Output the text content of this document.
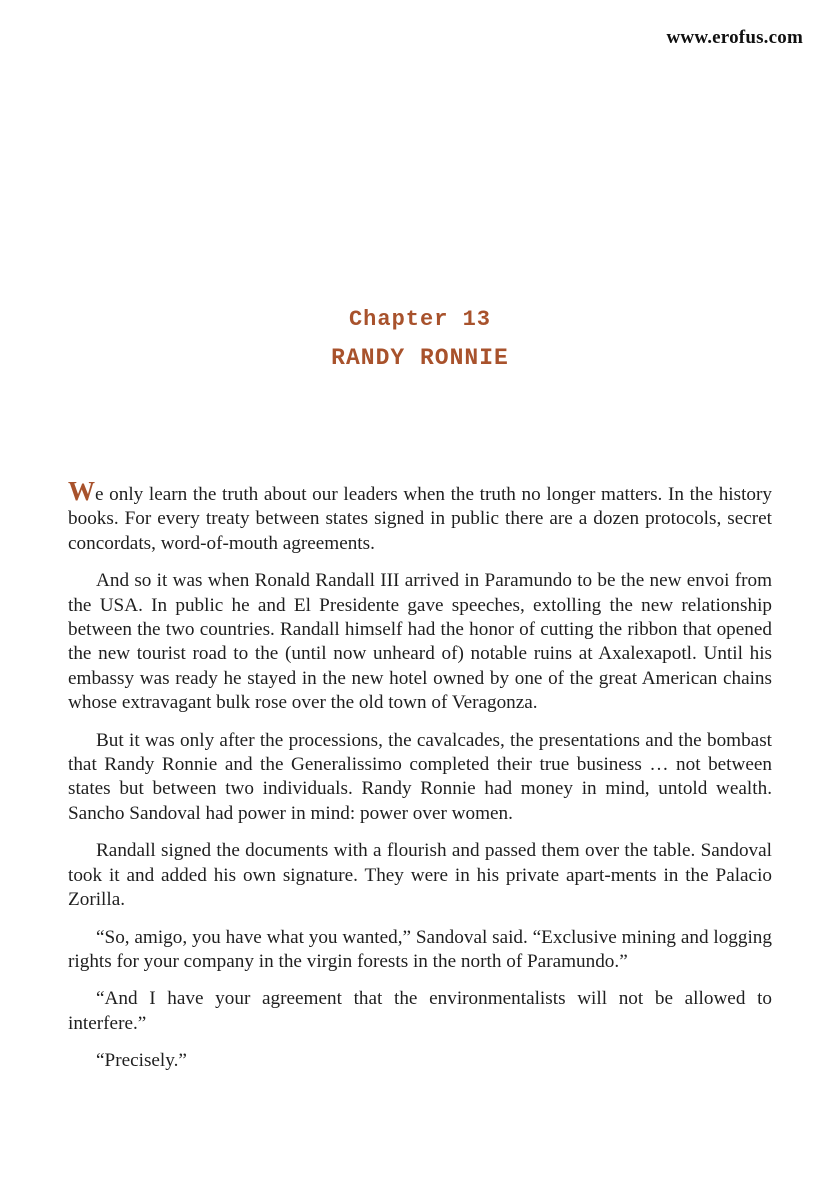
www.erofus.com

Chapter 13

RANDY RONNIE

We only learn the truth about our leaders when the truth no longer matters. In the history books. For every treaty between states signed in public there are a dozen protocols, secret concordats, word-of-mouth agreements.

And so it was when Ronald Randall III arrived in Paramundo to be the new envoi from the USA. In public he and El Presidente gave speeches, extolling the new relationship between the two countries. Randall himself had the honor of cutting the ribbon that opened the new tourist road to the (until now unheard of) notable ruins at Axalexapotl. Until his embassy was ready he stayed in the new hotel owned by one of the great American chains whose extravagant bulk rose over the old town of Veragonza.

But it was only after the processions, the cavalcades, the presentations and the bombast that Randy Ronnie and the Generalissimo completed their true business … not between states but between two individuals. Randy Ronnie had money in mind, untold wealth. Sancho Sandoval had power in mind: power over women.

Randall signed the documents with a flourish and passed them over the table. Sandoval took it and added his own signature. They were in his private apart-ments in the Palacio Zorilla.

“So, amigo, you have what you wanted,” Sandoval said. “Exclusive mining and logging rights for your company in the virgin forests in the north of Paramundo.”

“And I have your agreement that the environmentalists will not be allowed to interfere.”

“Precisely.”
